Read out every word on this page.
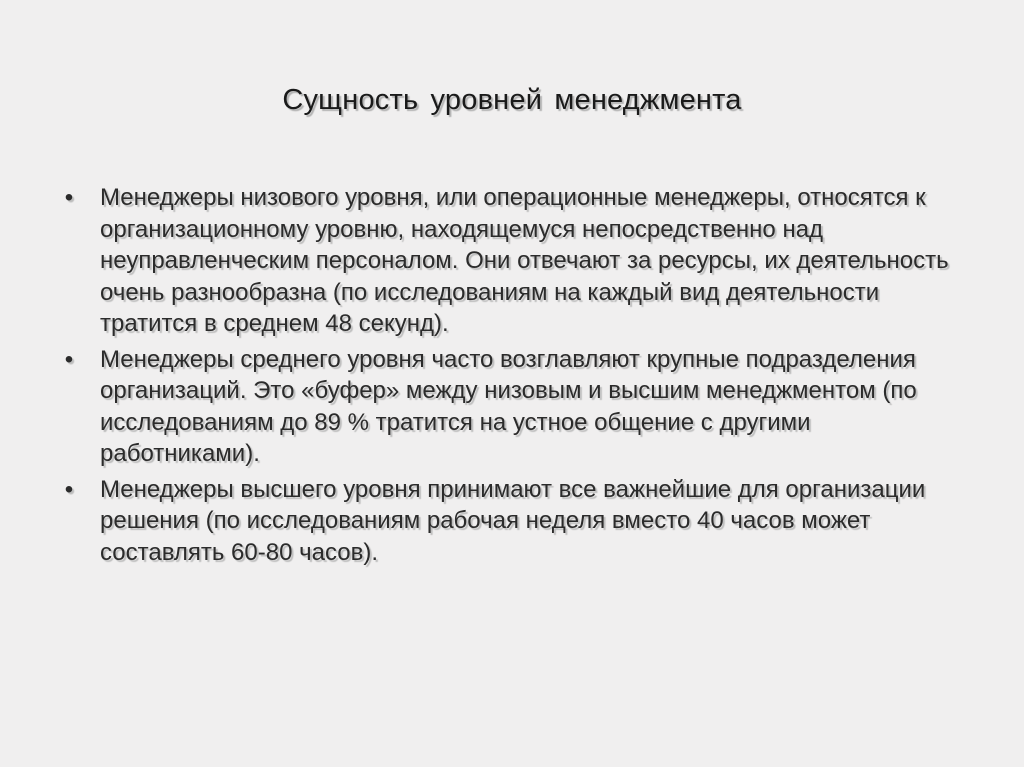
Сущность уровней менеджмента
•	Менеджеры низового уровня, или операционные менеджеры, относятся к организационному уровню, находящемуся непосредственно над неуправленческим персоналом. Они отвечают за ресурсы, их деятельность очень разнообразна (по исследованиям на каждый вид деятельности тратится в среднем 48 секунд).
•	Менеджеры среднего уровня часто возглавляют крупные подразделения организаций. Это «буфер» между низовым и высшим менеджментом (по исследованиям до 89 % тратится на устное общение с другими работниками).
•	Менеджеры высшего уровня принимают все важнейшие для организации решения (по исследованиям рабочая неделя вместо 40 часов может составлять 60-80 часов).
